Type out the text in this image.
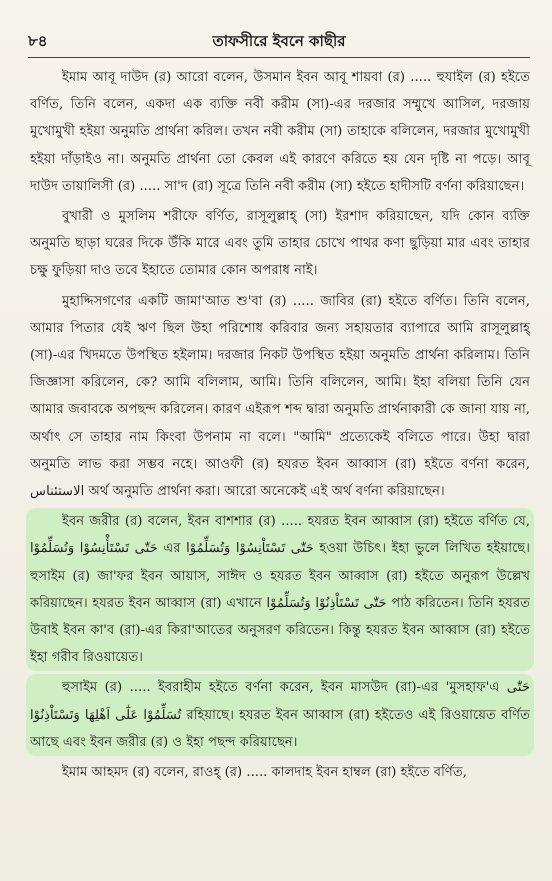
৮৪	তাফসীরে ইবনে কাছীর

ইমাম আবূ দাউদ (র) আরো বলেন, উসমান ইবন আবূ শায়বা (র) ..... হুযাইল (র) হইতে বর্ণিত, তিনি বলেন, একদা এক ব্যক্তি নবী করীম (সা)-এর দরজার সম্মুখে আসিল, দরজায় মুখোমুখী হইয়া অনুমতি প্রার্থনা করিল। তখন নবী করীম (সা) তাহাকে বলিলেন, দরজার মুখোমুখী হইয়া দাঁড়াইও না। অনুমতি প্রার্থনা তো কেবল এই কারণে করিতে হয় যেন দৃষ্টি না পড়ে। আবূ দাউদ তায়ালিসী (র) ..... সা'দ (রা) সূত্রে তিনি নবী করীম (সা) হইতে হাদীসটি বর্ণনা করিয়াছেন।

বুখারী ও মুসলিম শরীফে বর্ণিত, রাসূলুল্লাহ্ (সা) ইরশাদ করিয়াছেন, যদি কোন ব্যক্তি অনুমতি ছাড়া ঘরের দিকে উঁকি মারে এবং তুমি তাহার চোখে পাথর কণা ছুড়িয়া মার এবং তাহার চক্ষু ফুড়িয়া দাও তবে ইহাতে তোমার কোন অপরাধ নাই।

মুহাদ্দিসগণের একটি জামা'আত শু'বা (র) ..... জাবির (রা) হইতে বর্ণিত। তিনি বলেন, আমার পিতার যেই ঋণ ছিল উহা পরিশোধ করিবার জন্য সহায়তার ব্যাপারে আমি রাসূলুল্লাহ্ (সা)-এর খিদমতে উপস্থিত হইলাম। দরজার নিকট উপস্থিত হইয়া অনুমতি প্রার্থনা করিলাম। তিনি জিজ্ঞাসা করিলেন, কে? আমি বলিলাম, আমি। তিনি বলিলেন, আমি। ইহা বলিয়া তিনি যেন আমার জবাবকে অপছন্দ করিলেন। কারণ এইরূপ শব্দ দ্বারা অনুমতি প্রার্থনাকারী কে জানা যায় না, অর্থাৎ সে তাহার নাম কিংবা উপনাম না বলে। "আমি" প্রত্যেকেই বলিতে পারে। উহা দ্বারা অনুমতি লাভ করা সম্ভব নহে। আওফী (র) হযরত ইবন আব্বাস (রা) হইতে বর্ণনা করেন, الاستئناس অর্থ অনুমতি প্রার্থনা করা। আরো অনেকেই এই অর্থ বর্ণনা করিয়াছেন।

ইবন জরীর (র) বলেন, ইবন বাশশার (র) ..... হযরত ইবন আব্বাস (রা) হইতে বর্ণিত যে, حَتّٰى تَسْتَأْنِسُوْا وَتُسَلِّمُوْا এর حَتّٰى تَسْتَاْنِسُوْا وَتُسَلِّمُوْا হওয়া উচিৎ। ইহা ভুলে লিখিত হইয়াছে। হুসাইম (র) জা'ফর ইবন আয়াস, সাঈদ ও হযরত ইবন আব্বাস (রা) হইতে অনুরূপ উল্লেখ করিয়াছেন। হযরত ইবন আব্বাস (রা) এখানে حَتّٰى تَسْتَاْذِنُوْا وَتُسَلِّمُوْا পাঠ করিতেন। তিনি হযরত উবাই ইবন কা'ব (রা)-এর কিরা'আতের অনুসরণ করিতেন। কিন্তু হযরত ইবন আব্বাস (রা) হইতে ইহা গরীব রিওয়ায়েত।

হুসাইম (র) ..... ইবরাহীম হইতে বর্ণনা করেন, ইবন মাসউদ (রা)-এর 'মুসহাফ'এ حَتّٰى تُسَلِّمُوْا عَلٰٓى اَهْلِهَا وَتَسْتَاْذِنُوْا রহিয়াছে। হযরত ইবন আব্বাস (রা) হইতেও এই রিওয়ায়েত বর্ণিত আছে এবং ইবন জরীর (র) ও ইহা পছন্দ করিয়াছেন।

ইমাম আহমদ (র) বলেন, রাওহ্ (র) ..... কালদাহ ইবন হাম্বল (রা) হইতে বর্ণিত,
